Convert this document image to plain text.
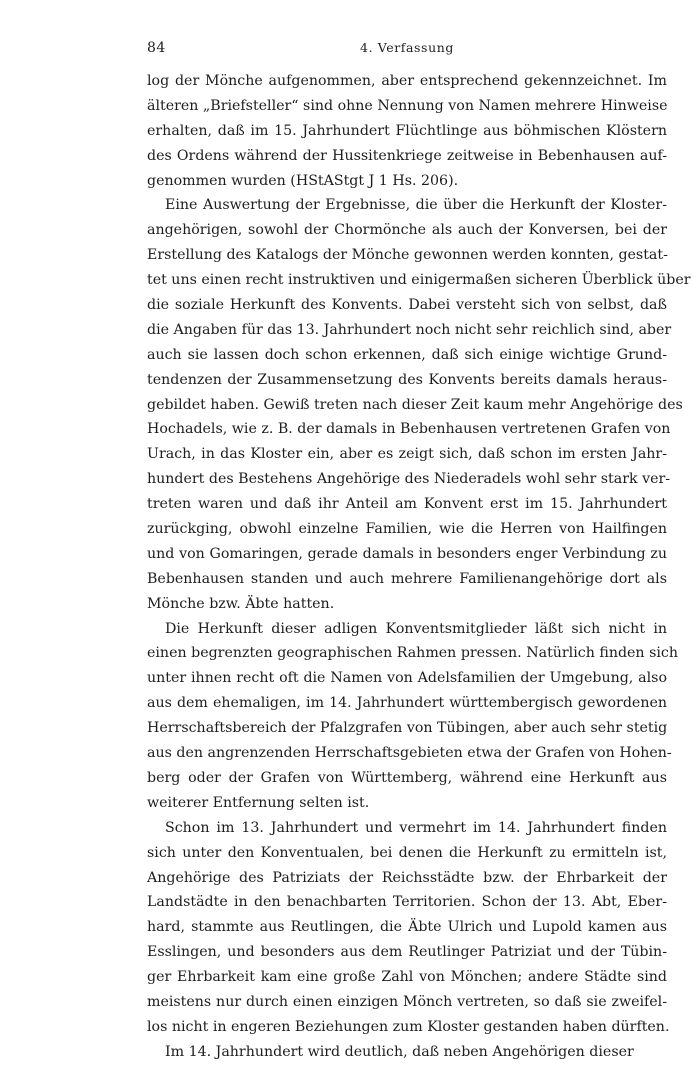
84	4. Verfassung
log der Mönche aufgenommen, aber entsprechend gekennzeichnet. Im
älteren „Briefsteller“ sind ohne Nennung von Namen mehrere Hinweise
erhalten, daß im 15. Jahrhundert Flüchtlinge aus böhmischen Klöstern
des Ordens während der Hussitenkriege zeitweise in Bebenhausen auf-
genommen wurden (HStAStgt J 1 Hs. 206).
Eine Auswertung der Ergebnisse, die über die Herkunft der Kloster-
angehörigen, sowohl der Chormönche als auch der Konversen, bei der
Erstellung des Katalogs der Mönche gewonnen werden konnten, gestat-
tet uns einen recht instruktiven und einigermaßen sicheren Überblick über
die soziale Herkunft des Konvents. Dabei versteht sich von selbst, daß
die Angaben für das 13. Jahrhundert noch nicht sehr reichlich sind, aber
auch sie lassen doch schon erkennen, daß sich einige wichtige Grund-
tendenzen der Zusammensetzung des Konvents bereits damals heraus-
gebildet haben. Gewiß treten nach dieser Zeit kaum mehr Angehörige des
Hochadels, wie z. B. der damals in Bebenhausen vertretenen Grafen von
Urach, in das Kloster ein, aber es zeigt sich, daß schon im ersten Jahr-
hundert des Bestehens Angehörige des Niederadels wohl sehr stark ver-
treten waren und daß ihr Anteil am Konvent erst im 15. Jahrhundert
zurückging, obwohl einzelne Familien, wie die Herren von Hailfingen
und von Gomaringen, gerade damals in besonders enger Verbindung zu
Bebenhausen standen und auch mehrere Familienangehörige dort als
Mönche bzw. Äbte hatten.
Die Herkunft dieser adligen Konventsmitglieder läßt sich nicht in
einen begrenzten geographischen Rahmen pressen. Natürlich finden sich
unter ihnen recht oft die Namen von Adelsfamilien der Umgebung, also
aus dem ehemaligen, im 14. Jahrhundert württembergisch gewordenen
Herrschaftsbereich der Pfalzgrafen von Tübingen, aber auch sehr stetig
aus den angrenzenden Herrschaftsgebieten etwa der Grafen von Hohen-
berg oder der Grafen von Württemberg, während eine Herkunft aus
weiterer Entfernung selten ist.
Schon im 13. Jahrhundert und vermehrt im 14. Jahrhundert finden
sich unter den Konventualen, bei denen die Herkunft zu ermitteln ist,
Angehörige des Patriziats der Reichsstädte bzw. der Ehrbarkeit der
Landstädte in den benachbarten Territorien. Schon der 13. Abt, Eber-
hard, stammte aus Reutlingen, die Äbte Ulrich und Lupold kamen aus
Esslingen, und besonders aus dem Reutlinger Patriziat und der Tübin-
ger Ehrbarkeit kam eine große Zahl von Mönchen; andere Städte sind
meistens nur durch einen einzigen Mönch vertreten, so daß sie zweifel-
los nicht in engeren Beziehungen zum Kloster gestanden haben dürften.
Im 14. Jahrhundert wird deutlich, daß neben Angehörigen dieser
